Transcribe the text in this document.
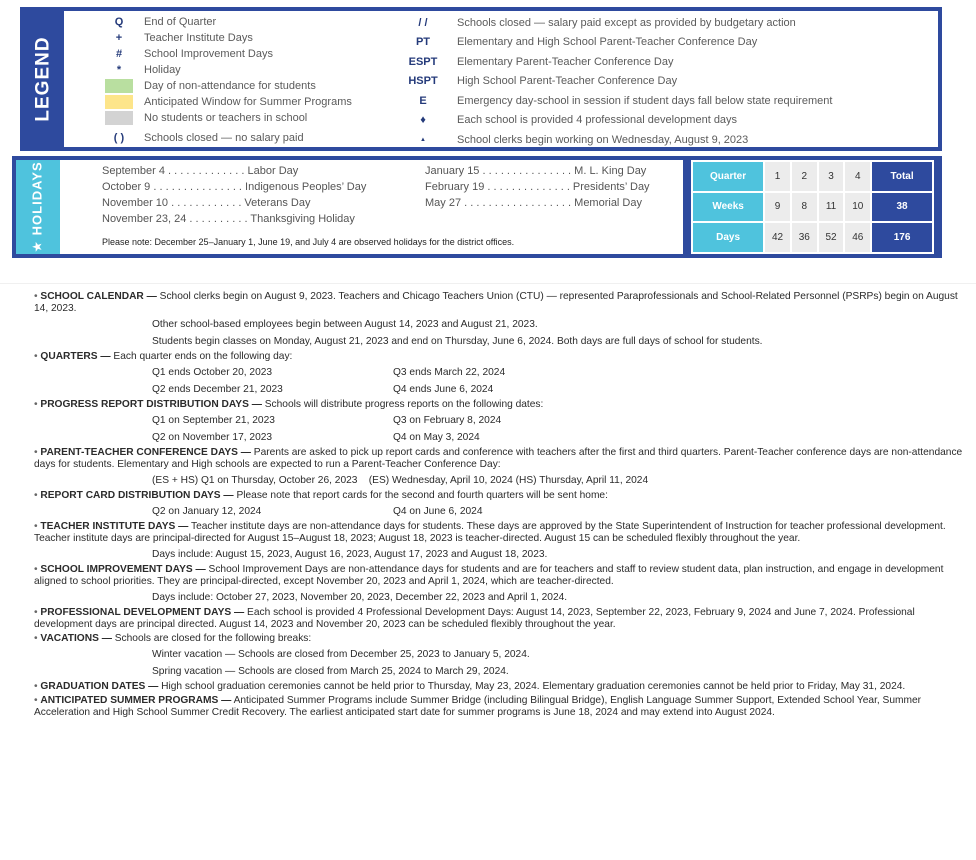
LEGEND
Q	End of Quarter
+	Teacher Institute Days
#	School Improvement Days
*	Holiday
Day of non-attendance for students
Anticipated Window for Summer Programs
No students or teachers in school
( )	Schools closed — no salary paid
/ /	Schools closed — salary paid except as provided by budgetary action
PT	Elementary and High School Parent-Teacher Conference Day
ESPT	Elementary Parent-Teacher Conference Day
HSPT	High School Parent-Teacher Conference Day
E	Emergency day-school in session if student days fall below state requirement
♦	Each school is provided 4 professional development days
▲	School clerks begin working on Wednesday, August 9, 2023
★ HOLIDAYS	September 4 . . . . . . . . . . . . . Labor Day
October 9 . . . . . . . . . . . . . . . Indigenous Peoples’ Day
November 10 . . . . . . . . . . . . Veterans Day
November 23, 24 . . . . . . . . . . Thanksgiving Holiday
January 15 . . . . . . . . . . . . . . . M. L. King Day
February 19 . . . . . . . . . . . . . . Presidents’ Day
May 27 . . . . . . . . . . . . . . . . . . Memorial Day
Please note: December 25–January 1, June 19, and July 4 are observed holidays for the district offices.
Quarter	1	2	3	4	Total
Weeks	9	8	11	10	38
Days	42	36	52	46	176
• SCHOOL CALENDAR — School clerks begin on August 9, 2023. Teachers and Chicago Teachers Union (CTU) — represented Paraprofessionals and School-Related Personnel (PSRPs) begin on August 14, 2023.
Other school-based employees begin between August 14, 2023 and August 21, 2023.
Students begin classes on Monday, August 21, 2023 and end on Thursday, June 6, 2024. Both days are full days of school for students.
• QUARTERS — Each quarter ends on the following day:
Q1 ends October 20, 2023	Q3 ends March 22, 2024
Q2 ends December 21, 2023	Q4 ends June 6, 2024
• PROGRESS REPORT DISTRIBUTION DAYS — Schools will distribute progress reports on the following dates:
Q1 on September 21, 2023	Q3 on February 8, 2024
Q2 on November 17, 2023	Q4 on May 3, 2024
• PARENT-TEACHER CONFERENCE DAYS — Parents are asked to pick up report cards and conference with teachers after the first and third quarters. Parent-Teacher conference days are non-attendance days for students. Elementary and High schools are expected to run a Parent-Teacher Conference Day:
(ES + HS) Q1 on Thursday, October 26, 2023    (ES) Wednesday, April 10, 2024 (HS) Thursday, April 11, 2024
• REPORT CARD DISTRIBUTION DAYS — Please note that report cards for the second and fourth quarters will be sent home:
Q2 on January 12, 2024	Q4 on June 6, 2024
• TEACHER INSTITUTE DAYS — Teacher institute days are non-attendance days for students. These days are approved by the State Superintendent of Instruction for teacher professional development. Teacher institute days are principal-directed for August 15–August 18, 2023; August 18, 2023 is teacher-directed. August 15 can be scheduled flexibly throughout the year.
Days include: August 15, 2023, August 16, 2023, August 17, 2023 and August 18, 2023.
• SCHOOL IMPROVEMENT DAYS — School Improvement Days are non-attendance days for students and are for teachers and staff to review student data, plan instruction, and engage in development aligned to school priorities. They are principal-directed, except November 20, 2023 and April 1, 2024, which are teacher-directed.
Days include: October 27, 2023, November 20, 2023, December 22, 2023 and April 1, 2024.
• PROFESSIONAL DEVELOPMENT DAYS — Each school is provided 4 Professional Development Days: August 14, 2023, September 22, 2023, February 9, 2024 and June 7, 2024. Professional development days are principal directed. August 14, 2023 and November 20, 2023 can be scheduled flexibly throughout the year.
• VACATIONS — Schools are closed for the following breaks:
Winter vacation — Schools are closed from December 25, 2023 to January 5, 2024.
Spring vacation — Schools are closed from March 25, 2024 to March 29, 2024.
• GRADUATION DATES — High school graduation ceremonies cannot be held prior to Thursday, May 23, 2024. Elementary graduation ceremonies cannot be held prior to Friday, May 31, 2024.
• ANTICIPATED SUMMER PROGRAMS — Anticipated Summer Programs include Summer Bridge (including Bilingual Bridge), English Language Summer Support, Extended School Year, Summer Acceleration and High School Summer Credit Recovery. The earliest anticipated start date for summer programs is June 18, 2024 and may extend into August 2024.
